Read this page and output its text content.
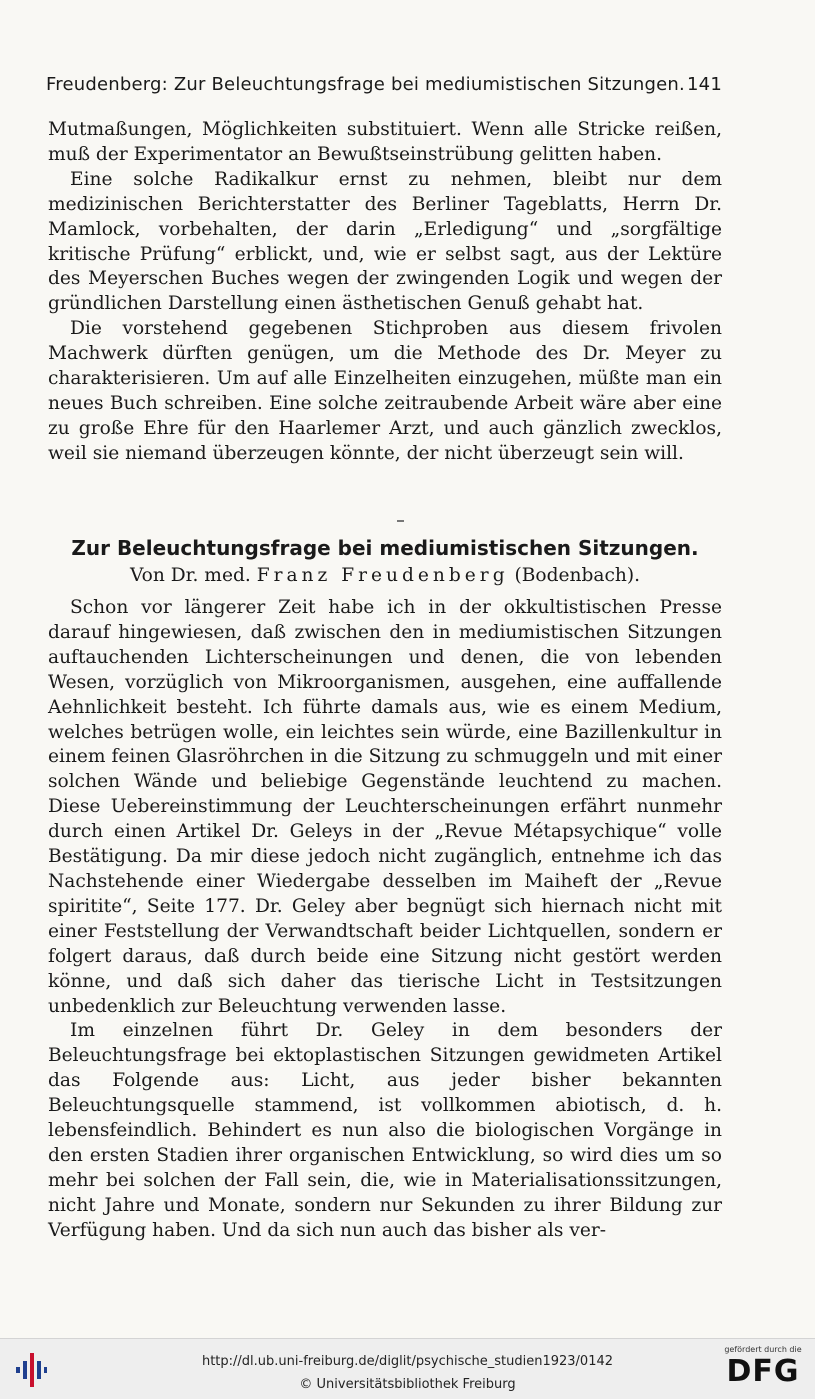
Freudenberg: Zur Beleuchtungsfrage bei mediumistischen Sitzungen. 141

Mutmaßungen, Möglichkeiten substituiert. Wenn alle Stricke reißen, muß der Experimentator an Bewußtseinstrübung gelitten haben.

Eine solche Radikalkur ernst zu nehmen, bleibt nur dem medizinischen Berichterstatter des Berliner Tageblatts, Herrn Dr. Mamlock, vorbehalten, der darin „Erledigung“ und „sorgfältige kritische Prüfung“ erblickt, und, wie er selbst sagt, aus der Lektüre des Meyerschen Buches wegen der zwingenden Logik und wegen der gründlichen Darstellung einen ästhetischen Genuß gehabt hat.

Die vorstehend gegebenen Stichproben aus diesem frivolen Machwerk dürften genügen, um die Methode des Dr. Meyer zu charakterisieren. Um auf alle Einzelheiten einzugehen, müßte man ein neues Buch schreiben. Eine solche zeitraubende Arbeit wäre aber eine zu große Ehre für den Haarlemer Arzt, und auch gänzlich zwecklos, weil sie niemand überzeugen könnte, der nicht überzeugt sein will.

Zur Beleuchtungsfrage bei mediumistischen Sitzungen.
Von Dr. med. Franz Freudenberg (Bodenbach).

Schon vor längerer Zeit habe ich in der okkultistischen Presse darauf hingewiesen, daß zwischen den in mediumistischen Sitzungen auftauchenden Lichterscheinungen und denen, die von lebenden Wesen, vorzüglich von Mikroorganismen, ausgehen, eine auffallende Aehnlichkeit besteht. Ich führte damals aus, wie es einem Medium, welches betrügen wolle, ein leichtes sein würde, eine Bazillenkultur in einem feinen Glasröhrchen in die Sitzung zu schmuggeln und mit einer solchen Wände und beliebige Gegenstände leuchtend zu machen. Diese Uebereinstimmung der Leuchterscheinungen erfährt nunmehr durch einen Artikel Dr. Geleys in der „Revue Métapsychique“ volle Bestätigung. Da mir diese jedoch nicht zugänglich, entnehme ich das Nachstehende einer Wiedergabe desselben im Maiheft der „Revue spiritite“, Seite 177. Dr. Geley aber begnügt sich hiernach nicht mit einer Feststellung der Verwandtschaft beider Lichtquellen, sondern er folgert daraus, daß durch beide eine Sitzung nicht gestört werden könne, und daß sich daher das tierische Licht in Testsitzungen unbedenklich zur Beleuchtung verwenden lasse.

Im einzelnen führt Dr. Geley in dem besonders der Beleuchtungsfrage bei ektoplastischen Sitzungen gewidmeten Artikel das Folgende aus: Licht, aus jeder bisher bekannten Beleuchtungsquelle stammend, ist vollkommen abiotisch, d. h. lebensfeindlich. Behindert es nun also die biologischen Vorgänge in den ersten Stadien ihrer organischen Entwicklung, so wird dies um so mehr bei solchen der Fall sein, die, wie in Materialisationssitzungen, nicht Jahre und Monate, sondern nur Sekunden zu ihrer Bildung zur Verfügung haben. Und da sich nun auch das bisher als ver-

http://dl.ub.uni-freiburg.de/diglit/psychische_studien1923/0142
© Universitätsbibliothek Freiburg
gefördert durch die
DFG
